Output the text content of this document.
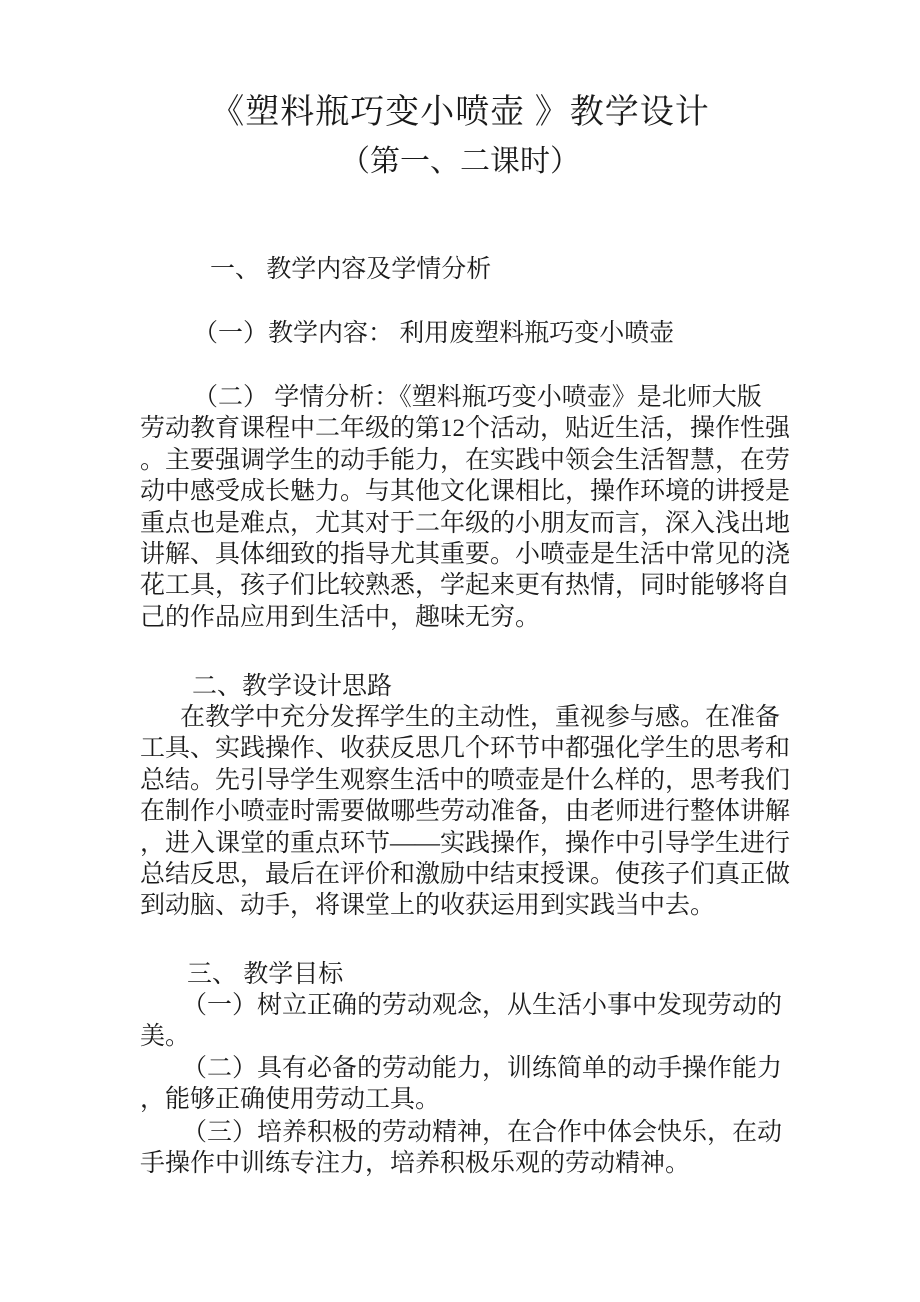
《塑料瓶巧变小喷壶 》教学设计
（第一、二课时）
一、 教学内容及学情分析
（一）教学内容： 利用废塑料瓶巧变小喷壶
（二） 学情分析：《塑料瓶巧变小喷壶》是北师大版
劳动教育课程中二年级的第12个活动，贴近生活，操作性强
。主要强调学生的动手能力，在实践中领会生活智慧，在劳
动中感受成长魅力。与其他文化课相比，操作环境的讲授是
重点也是难点，尤其对于二年级的小朋友而言，深入浅出地
讲解、具体细致的指导尤其重要。小喷壶是生活中常见的浇
花工具，孩子们比较熟悉，学起来更有热情，同时能够将自
己的作品应用到生活中，趣味无穷。
二、教学设计思路
在教学中充分发挥学生的主动性，重视参与感。在准备
工具、实践操作、收获反思几个环节中都强化学生的思考和
总结。先引导学生观察生活中的喷壶是什么样的，思考我们
在制作小喷壶时需要做哪些劳动准备，由老师进行整体讲解
，进入课堂的重点环节——实践操作，操作中引导学生进行
总结反思，最后在评价和激励中结束授课。使孩子们真正做
到动脑、动手，将课堂上的收获运用到实践当中去。
三、 教学目标
（一）树立正确的劳动观念，从生活小事中发现劳动的
美。
（二）具有必备的劳动能力，训练简单的动手操作能力
，能够正确使用劳动工具。
（三）培养积极的劳动精神，在合作中体会快乐，在动
手操作中训练专注力，培养积极乐观的劳动精神。
